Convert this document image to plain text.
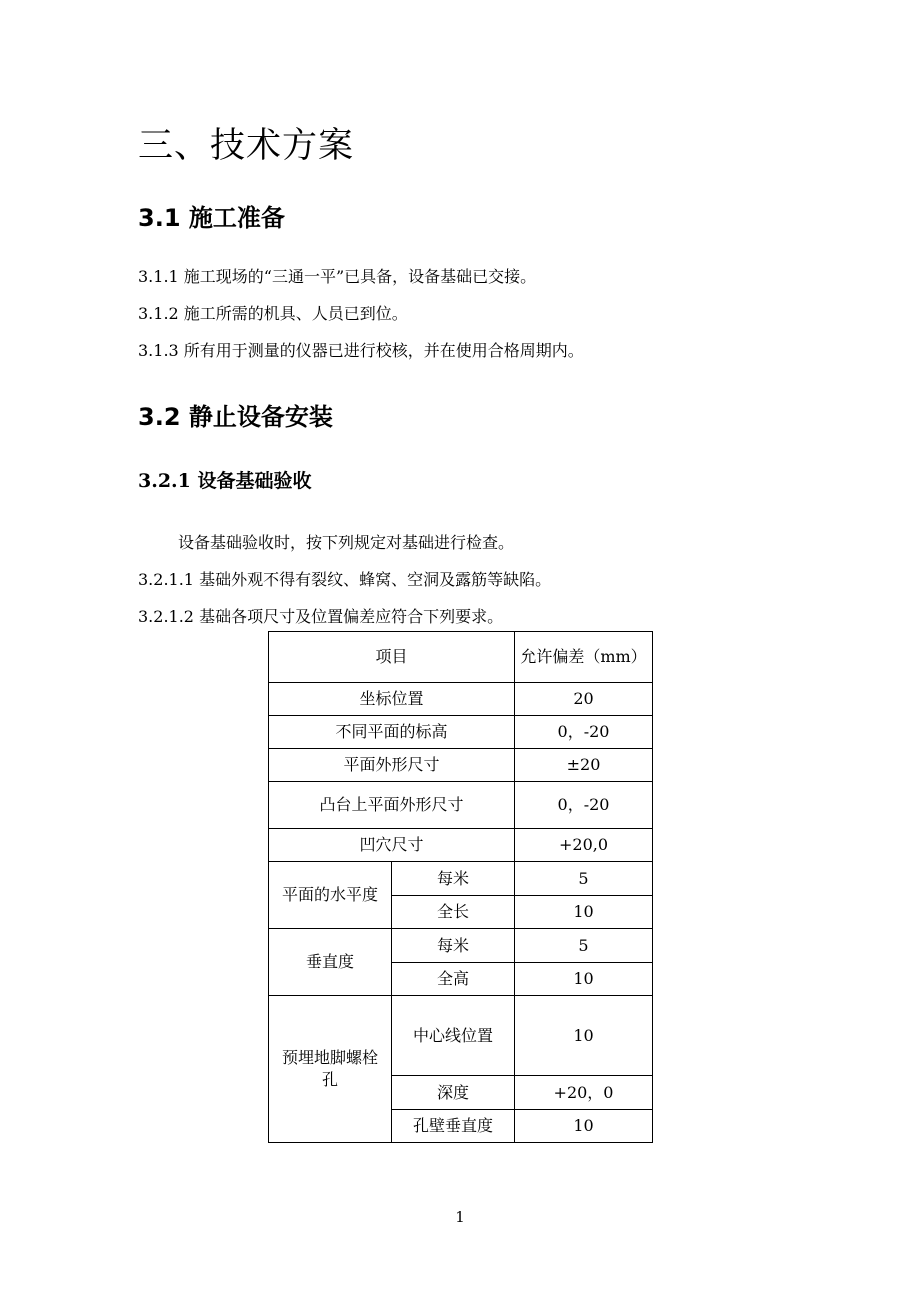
三、技术方案
3.1 施工准备

3.1.1 施工现场的“三通一平”已具备，设备基础已交接。

3.1.2 施工所需的机具、人员已到位。

3.1.3 所有用于测量的仪器已进行校核，并在使用合格周期内。

3.2 静止设备安装
3.2.1 设备基础验收

设备基础验收时，按下列规定对基础进行检查。

3.2.1.1 基础外观不得有裂纹、蜂窝、空洞及露筋等缺陷。

3.2.1.2 基础各项尺寸及位置偏差应符合下列要求。

项目		允许偏差（mm）
坐标位置		20
不同平面的标高		0，-20
平面外形尺寸		±20
凸台上平面外形尺寸		0，-20
凹穴尺寸		+20,0
平面的水平度	每米	5
	全长	10
垂直度	每米	5
	全高	10
预埋地脚螺栓孔	中心线位置	10
	深度	+20，0
	孔壁垂直度	10
1
